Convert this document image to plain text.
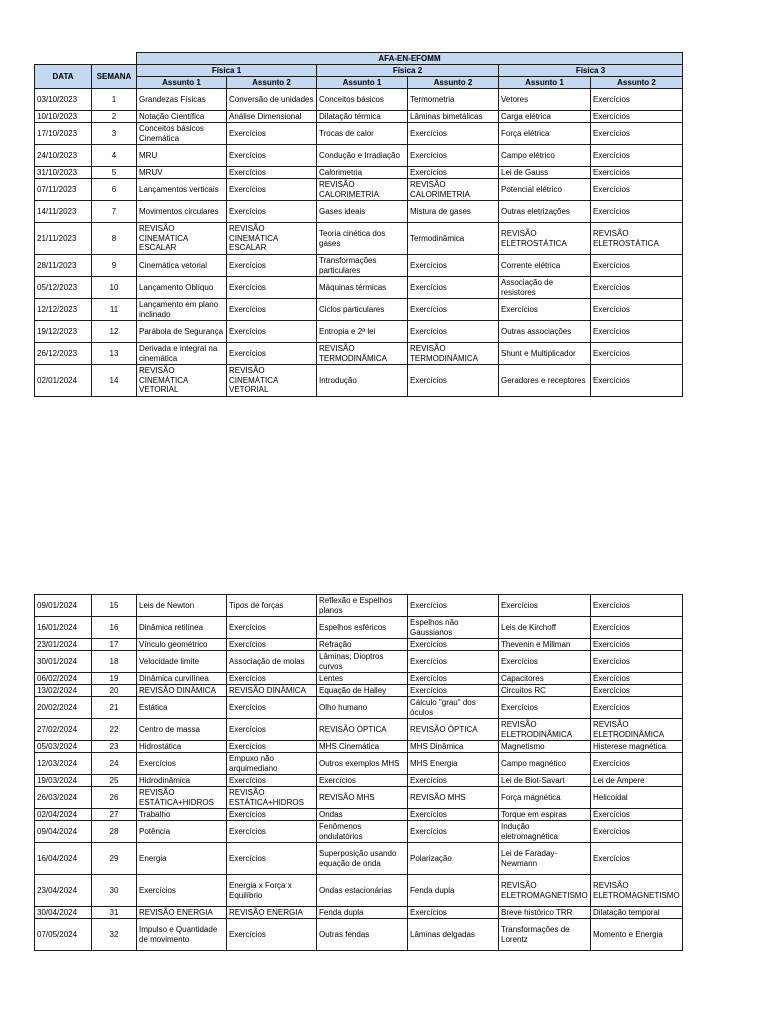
		AFA-EN-EFOMM					
DATA	SEMANA	Física 1		Física 2		Física 3	
		Assunto 1	Assunto 2	Assunto 1	Assunto 2	Assunto 1	Assunto 2
03/10/2023	1	Grandezas Físicas	Conversão de unidades	Conceitos básicos	Termometria	Vetores	Exercícios
10/10/2023	2	Notação Científica	Análise Dimensional	Dilatação térmica	Lâminas bimetálicas	Carga elétrica	Exercícios
17/10/2023	3	Conceitos básicos Cinemática	Exercícios	Trocas de calor	Exercícios	Força elétrica	Exercícios
24/10/2023	4	MRU	Exercícios	Condução e Irradiação	Exercícios	Campo elétrico	Exercícios
31/10/2023	5	MRUV	Exercícios	Calorimetria	Exercícios	Lei de Gauss	Exercícios
07/11/2023	6	Lançamentos verticais	Exercícios	REVISÃO CALORIMETRIA	REVISÃO CALORIMETRIA	Potencial elétrico	Exercícios
14/11/2023	7	Movimentos circulares	Exercícios	Gases ideais	Mistura de gases	Outras eletrizações	Exercícios
21/11/2023	8	REVISÃO CINEMÁTICA ESCALAR	REVISÃO CINEMÁTICA ESCALAR	Teoria cinética dos gases	Termodinâmica	REVISÃO ELETROSTÁTICA	REVISÃO ELETROSTÁTICA
28/11/2023	9	Cinemática vetorial	Exercícios	Transformações particulares	Exercícios	Corrente elétrica	Exercícios
05/12/2023	10	Lançamento Oblíquo	Exercícios	Máquinas térmicas	Exercícios	Associação de resistores	Exercícios
12/12/2023	11	Lançamento em plano inclinado	Exercícios	Ciclos particulares	Exercícios	Exercícios	Exercícios
19/12/2023	12	Parábola de Segurança	Exercícios	Entropia e 2ª lei	Exercícios	Outras associações	Exercícios
26/12/2023	13	Derivada e integral na cinemática	Exercícios	REVISÃO TERMODINÂMICA	REVISÃO TERMODINÂMICA	Shunt e Multiplicador	Exercícios
02/01/2024	14	REVISÃO CINEMÁTICA VETORIAL	REVISÃO CINEMÁTICA VETORIAL	Introdução	Exercícios	Geradores e receptores	Exercícios
09/01/2024	15	Leis de Newton	Tipos de forças	Reflexão e Espelhos planos	Exercícios	Exercícios	Exercícios
16/01/2024	16	Dinâmica retilínea	Exercícios	Espelhos esféricos	Espelhos não Gaussianos	Leis de Kirchoff	Exercícios
23/01/2024	17	Vínculo geométrico	Exercícios	Refração	Exercícios	Thevenin e Millman	Exercícios
30/01/2024	18	Velocidade limite	Associação de molas	Lâminas; Dioptros curvos	Exercícios	Exercícios	Exercícios
06/02/2024	19	Dinâmica curvilínea	Exercícios	Lentes	Exercícios	Capacitores	Exercícios
13/02/2024	20	REVISÃO DINÂMICA	REVISÃO DINÂMICA	Equação de Halley	Exercícios	Circuitos RC	Exercícios
20/02/2024	21	Estática	Exercícios	Olho humano	Cálculo "grau" dos óculos	Exercícios	Exercícios
27/02/2024	22	Centro de massa	Exercícios	REVISÃO ÓPTICA	REVISÃO ÓPTICA	REVISÃO ELETRODINÂMICA	REVISÃO ELETRODINÂMICA
05/03/2024	23	Hidrostática	Exercícios	MHS Cinemática	MHS Dinâmica	Magnetismo	Histerese magnética
12/03/2024	24	Exercícios	Empuxo não arquimediano	Outros exemplos MHS	MHS Energia	Campo magnético	Exercícios
19/03/2024	25	Hidrodinâmica	Exercícios	Exercícios	Exercícios	Lei de Biot-Savart	Lei de Ampere
26/03/2024	26	REVISÃO ESTÁTICA+HIDROS	REVISÃO ESTÁTICA+HIDROS	REVISÃO MHS	REVISÃO MHS	Força magnética	Helicoidal
02/04/2024	27	Trabalho	Exercícios	Ondas	Exercícios	Torque em espiras	Exercícios
09/04/2024	28	Potência	Exercícios	Fenômenos ondulatórios	Exercícios	Indução eletromagnética	Exercícios
16/04/2024	29	Energia	Exercícios	Superposição usando equação de onda	Polarização	Lei de Faraday-Newmann	Exercícios
23/04/2024	30	Exercícios	Energia x Força x Equilíbrio	Ondas estacionárias	Fenda dupla	REVISÃO ELETROMAGNETISMO	REVISÃO ELETROMAGNETISMO
30/04/2024	31	REVISÃO ENERGIA	REVISÃO ENERGIA	Fenda dupla	Exercícios	Breve histórico TRR	Dilatação temporal
07/05/2024	32	Impulso e Quantidade de movimento	Exercícios	Outras fendas	Lâminas delgadas	Transformações de Lorentz	Momento e Energia
